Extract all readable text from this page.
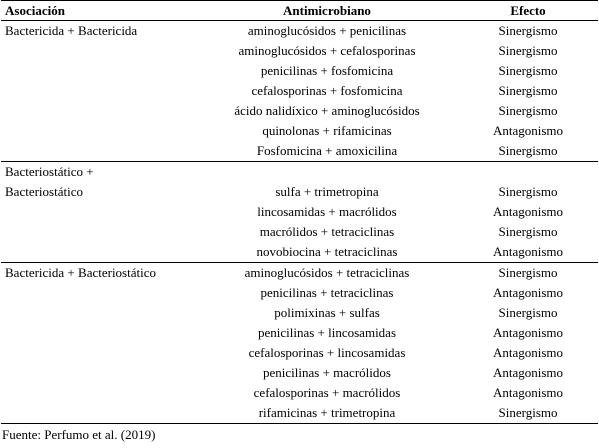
Asociación	Antimicrobiano	Efecto
Bactericida + Bactericida	aminoglucósidos + penicilinas	Sinergismo
	aminoglucósidos + cefalosporinas	Sinergismo
	penicilinas + fosfomicina	Sinergismo
	cefalosporinas + fosfomicina	Sinergismo
	ácido nalidíxico + aminoglucósidos	Sinergismo
	quinolonas + rifamicinas	Antagonismo
	Fosfomicina + amoxicilina	Sinergismo
Bacteriostático +		
Bacteriostático	sulfa + trimetropina	Sinergismo
	lincosamidas + macrólidos	Antagonismo
	macrólidos + tetraciclinas	Sinergismo
	novobiocina + tetraciclinas	Antagonismo
Bactericida + Bacteriostático	aminoglucósidos + tetraciclinas	Sinergismo
	penicilinas + tetraciclinas	Antagonismo
	polimixinas + sulfas	Sinergismo
	penicilinas + lincosamidas	Antagonismo
	cefalosporinas + lincosamidas	Antagonismo
	penicilinas + macrólidos	Antagonismo
	cefalosporinas + macrólidos	Antagonismo
	rifamicinas + trimetropina	Sinergismo
Fuente: Perfumo et al. (2019)
